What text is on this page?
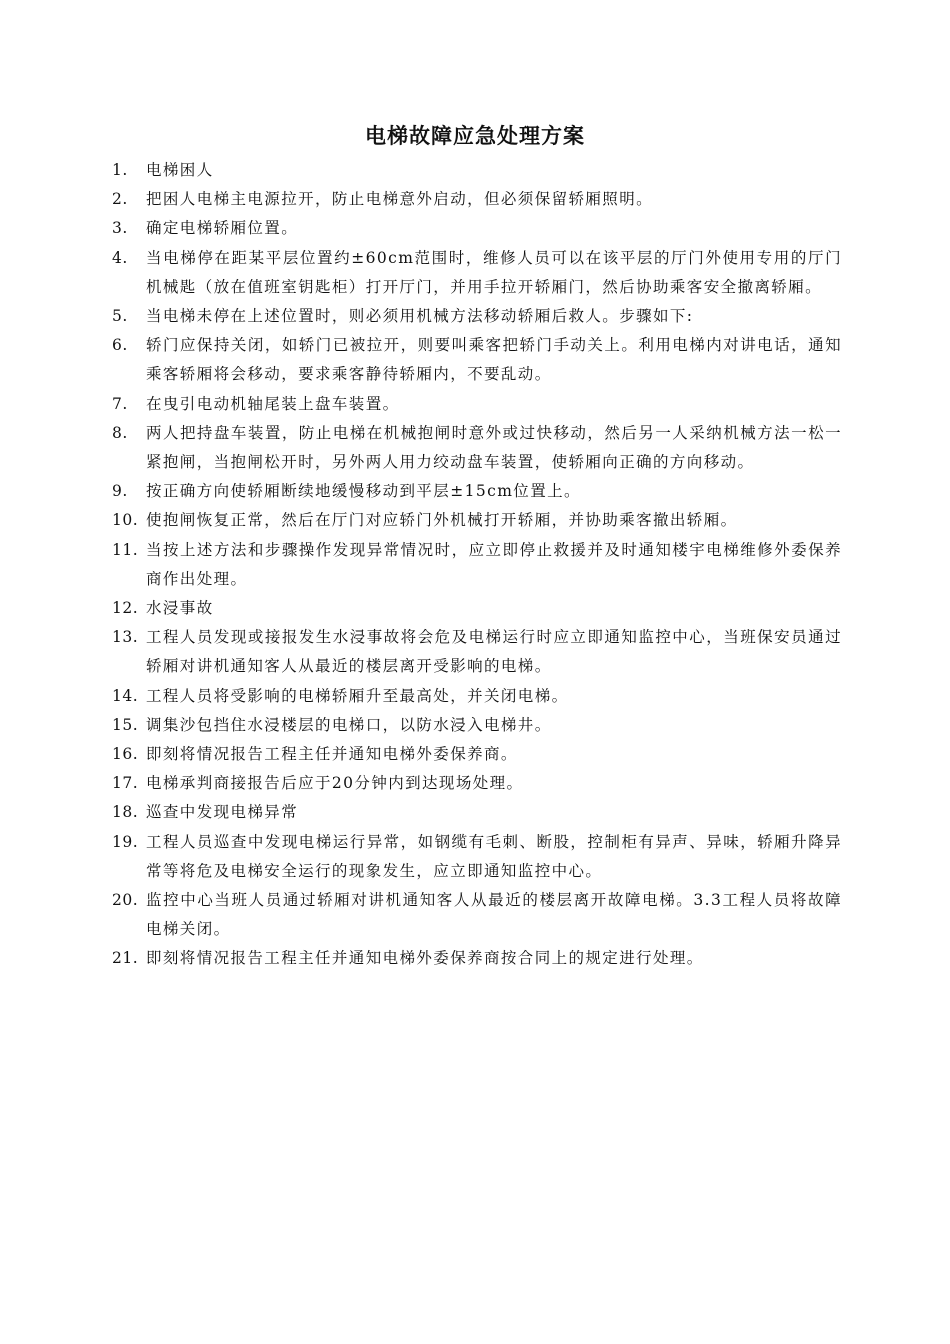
电梯故障应急处理方案
1.	电梯困人
2.	把困人电梯主电源拉开，防止电梯意外启动，但必须保留轿厢照明。
3.	确定电梯轿厢位置。
4.	当电梯停在距某平层位置约±60cm范围时，维修人员可以在该平层的厅门外使用专用的厅门机械匙（放在值班室钥匙柜）打开厅门，并用手拉开轿厢门，然后协助乘客安全撤离轿厢。
5.	当电梯未停在上述位置时，则必须用机械方法移动轿厢后救人。步骤如下:
6.	轿门应保持关闭，如轿门已被拉开，则要叫乘客把轿门手动关上。利用电梯内对讲电话，通知乘客轿厢将会移动，要求乘客静待轿厢内，不要乱动。
7.	在曳引电动机轴尾装上盘车装置。
8.	两人把持盘车装置，防止电梯在机械抱闸时意外或过快移动，然后另一人采纳机械方法一松一紧抱闸，当抱闸松开时，另外两人用力绞动盘车装置，使轿厢向正确的方向移动。
9.	按正确方向使轿厢断续地缓慢移动到平层±15cm位置上。
10. 使抱闸恢复正常，然后在厅门对应轿门外机械打开轿厢，并协助乘客撤出轿厢。
11. 当按上述方法和步骤操作发现异常情况时，应立即停止救援并及时通知楼宇电梯维修外委保养商作出处理。
12. 水浸事故
13. 工程人员发现或接报发生水浸事故将会危及电梯运行时应立即通知监控中心，当班保安员通过轿厢对讲机通知客人从最近的楼层离开受影响的电梯。
14. 工程人员将受影响的电梯轿厢升至最高处，并关闭电梯。
15. 调集沙包挡住水浸楼层的电梯口，以防水浸入电梯井。
16. 即刻将情况报告工程主任并通知电梯外委保养商。
17. 电梯承判商接报告后应于20分钟内到达现场处理。
18. 巡查中发现电梯异常
19. 工程人员巡查中发现电梯运行异常，如钢缆有毛刺、断股，控制柜有异声、异味，轿厢升降异常等将危及电梯安全运行的现象发生，应立即通知监控中心。
20. 监控中心当班人员通过轿厢对讲机通知客人从最近的楼层离开故障电梯。3.3工程人员将故障电梯关闭。
21. 即刻将情况报告工程主任并通知电梯外委保养商按合同上的规定进行处理。
